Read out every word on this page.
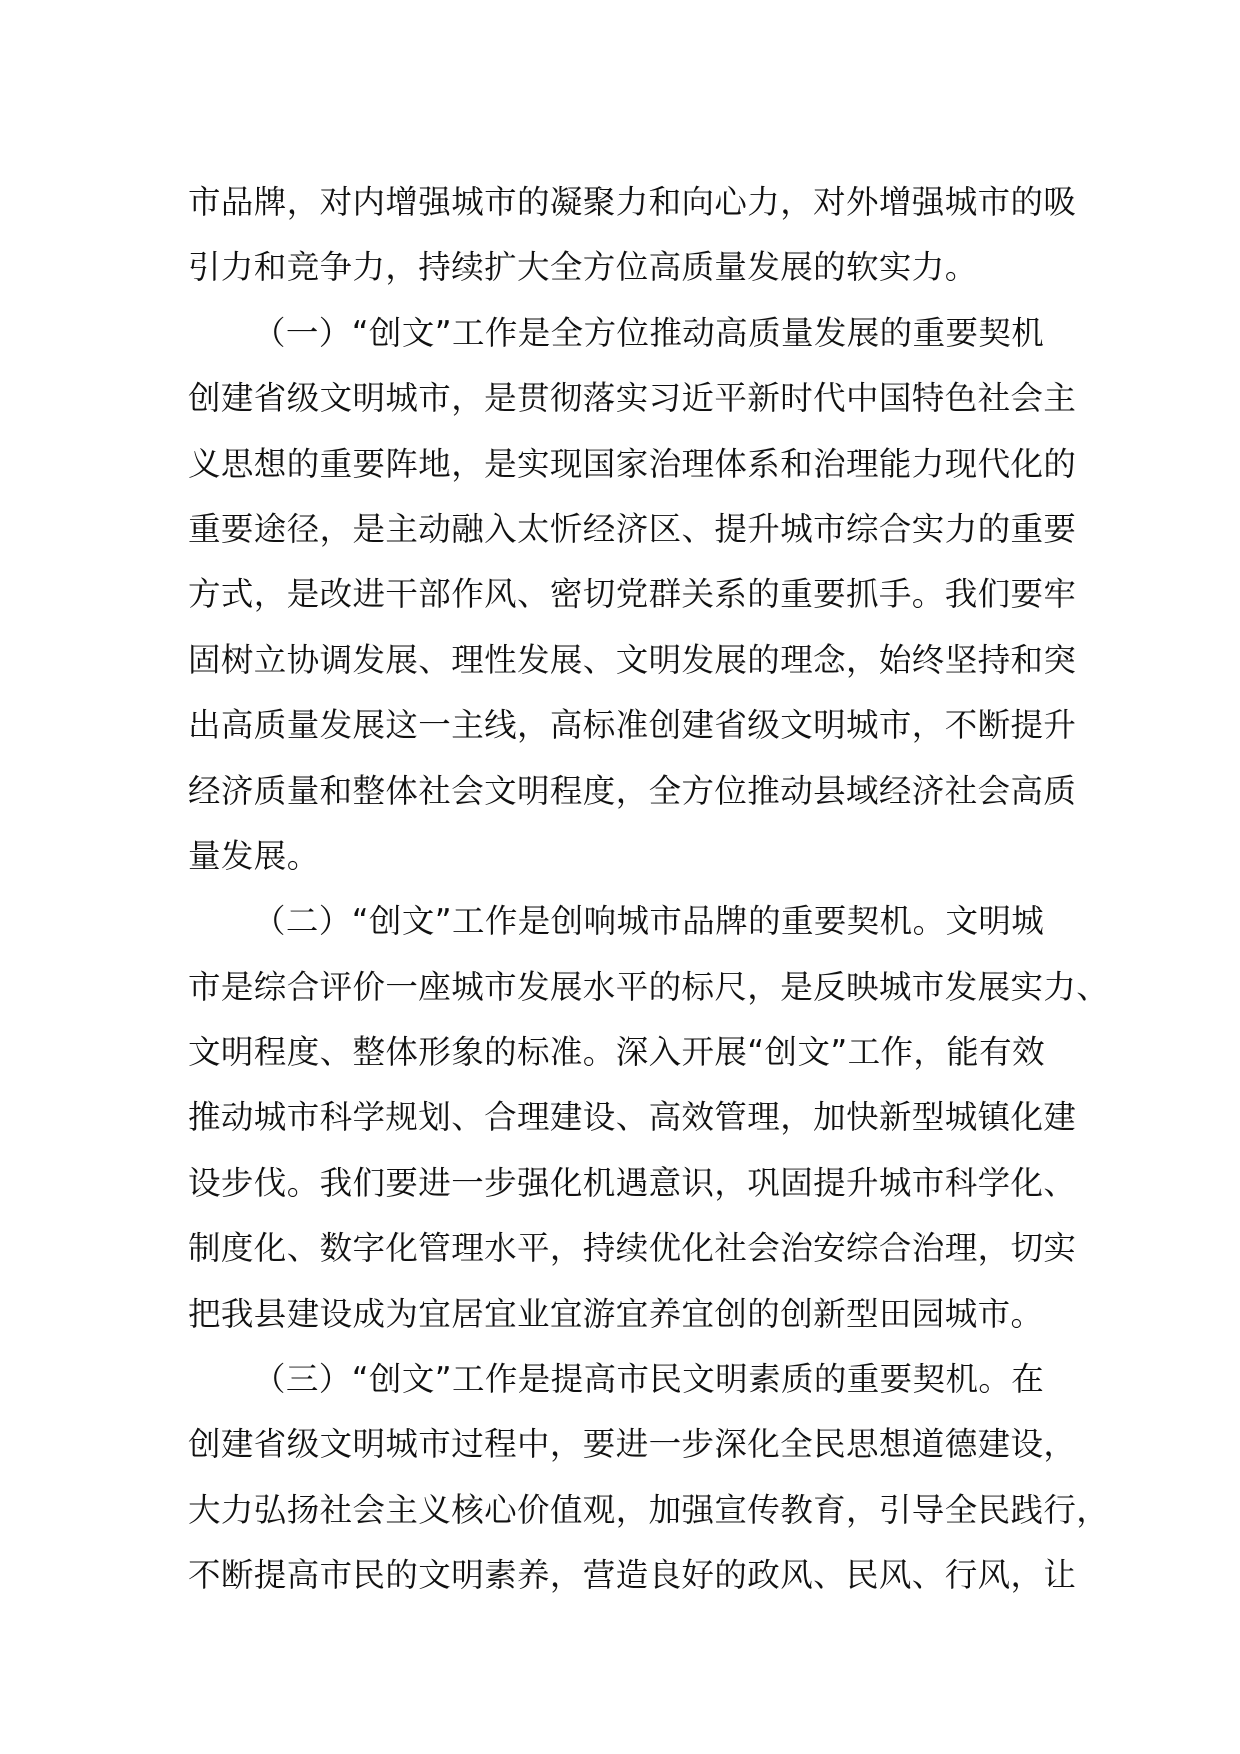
市品牌，对内增强城市的凝聚力和向心力，对外增强城市的吸
引力和竞争力，持续扩大全方位高质量发展的软实力。
（一）“创文”工作是全方位推动高质量发展的重要契机
创建省级文明城市，是贯彻落实习近平新时代中国特色社会主
义思想的重要阵地，是实现国家治理体系和治理能力现代化的
重要途径，是主动融入太忻经济区、提升城市综合实力的重要
方式，是改进干部作风、密切党群关系的重要抓手。我们要牢
固树立协调发展、理性发展、文明发展的理念，始终坚持和突
出高质量发展这一主线，高标准创建省级文明城市，不断提升
经济质量和整体社会文明程度，全方位推动县域经济社会高质
量发展。
（二）“创文”工作是创响城市品牌的重要契机。文明城
市是综合评价一座城市发展水平的标尺，是反映城市发展实力、
文明程度、整体形象的标准。深入开展“创文”工作，能有效
推动城市科学规划、合理建设、高效管理，加快新型城镇化建
设步伐。我们要进一步强化机遇意识，巩固提升城市科学化、
制度化、数字化管理水平，持续优化社会治安综合治理，切实
把我县建设成为宜居宜业宜游宜养宜创的创新型田园城市。
（三）“创文”工作是提高市民文明素质的重要契机。在
创建省级文明城市过程中，要进一步深化全民思想道德建设，
大力弘扬社会主义核心价值观，加强宣传教育，引导全民践行，
不断提高市民的文明素养，营造良好的政风、民风、行风，让
